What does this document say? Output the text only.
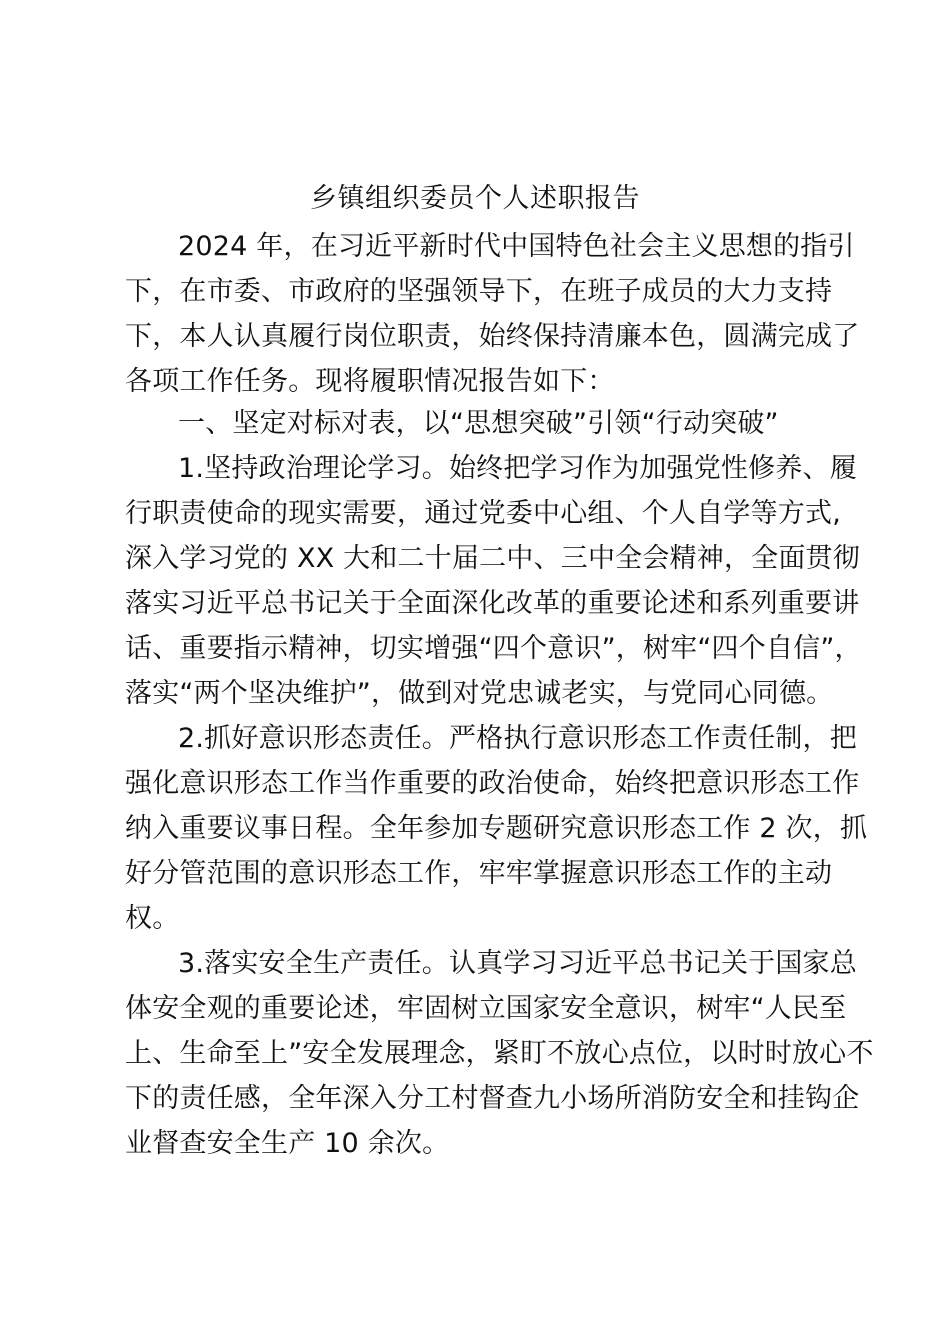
乡镇组织委员个人述职报告
2024 年，在习近平新时代中国特色社会主义思想的指引
下，在市委、市政府的坚强领导下，在班子成员的大力支持
下，本人认真履行岗位职责，始终保持清廉本色，圆满完成了
各项工作任务。现将履职情况报告如下：
一、坚定对标对表，以“思想突破”引领“行动突破”
1.坚持政治理论学习。始终把学习作为加强党性修养、履
行职责使命的现实需要，通过党委中心组、个人自学等方式,
深入学习党的 XX 大和二十届二中、三中全会精神，全面贯彻
落实习近平总书记关于全面深化改革的重要论述和系列重要讲
话、重要指示精神，切实增强“四个意识”，树牢“四个自信”，
落实“两个坚决维护”，做到对党忠诚老实，与党同心同德。
2.抓好意识形态责任。严格执行意识形态工作责任制，把
强化意识形态工作当作重要的政治使命，始终把意识形态工作
纳入重要议事日程。全年参加专题研究意识形态工作 2 次，抓
好分管范围的意识形态工作，牢牢掌握意识形态工作的主动
权。
3.落实安全生产责任。认真学习习近平总书记关于国家总
体安全观的重要论述，牢固树立国家安全意识，树牢“人民至
上、生命至上”安全发展理念，紧盯不放心点位，以时时放心不
下的责任感，全年深入分工村督查九小场所消防安全和挂钩企
业督查安全生产 10 余次。
